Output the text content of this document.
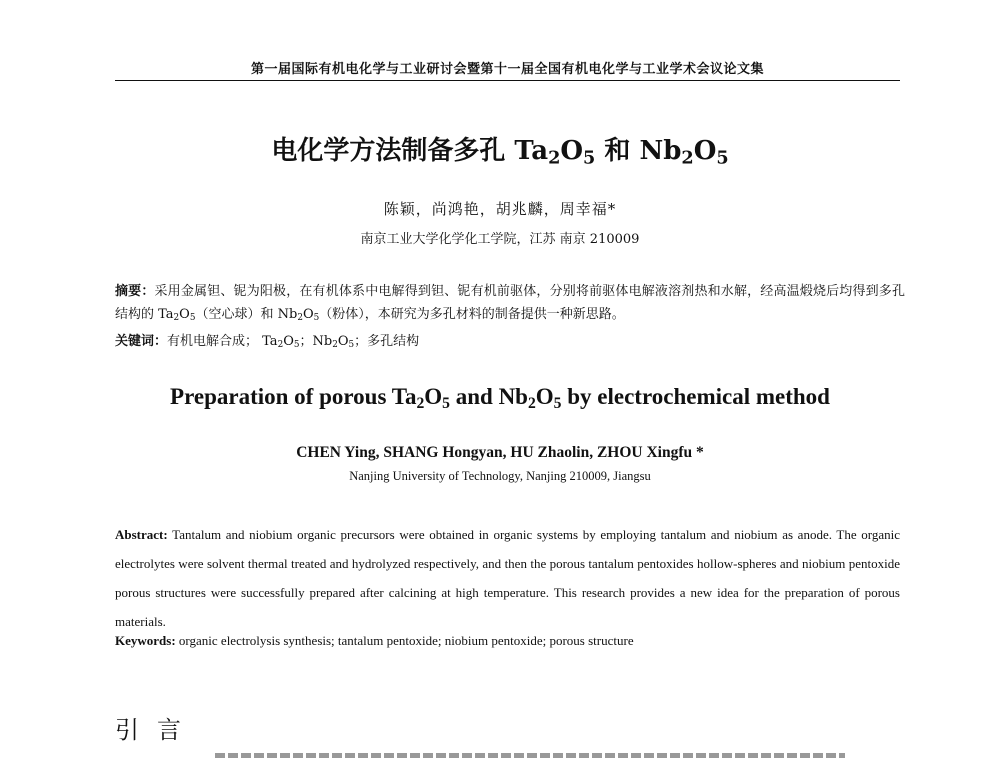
第一届国际有机电化学与工业研讨会暨第十一届全国有机电化学与工业学术会议论文集
电化学方法制备多孔 $Ta_2O_5$ 和 $Nb_2O_5$
陈颖，尚鸿艳，胡兆麟，周幸福*
南京工业大学化学化工学院，江苏 南京 210009
摘要：采用金属钽、铌为阳极，在有机体系中电解得到钽、铌有机前驱体，分别将前驱体电解液溶剂热和水解，经高温煅烧后均得到多孔结构的 $Ta_2O_5$（空心球）和 $Nb_2O_5$（粉体），本研究为多孔材料的制备提供一种新思路。
关键词：有机电解合成； $Ta_2O_5$；$Nb_2O_5$；多孔结构
Preparation of porous $Ta_2O_5$ and $Nb_2O_5$ by electrochemical method
CHEN Ying, SHANG Hongyan, HU Zhaolin, ZHOU Xingfu *
Nanjing University of Technology, Nanjing 210009, Jiangsu
Abstract: Tantalum and niobium organic precursors were obtained in organic systems by employing tantalum and niobium as anode. The organic electrolytes were solvent thermal treated and hydrolyzed respectively, and then the porous tantalum pentoxides hollow-spheres and niobium pentoxide porous structures were successfully prepared after calcining at high temperature. This research provides a new idea for the preparation of porous materials.
Keywords: organic electrolysis synthesis; tantalum pentoxide; niobium pentoxide; porous structure
引言
